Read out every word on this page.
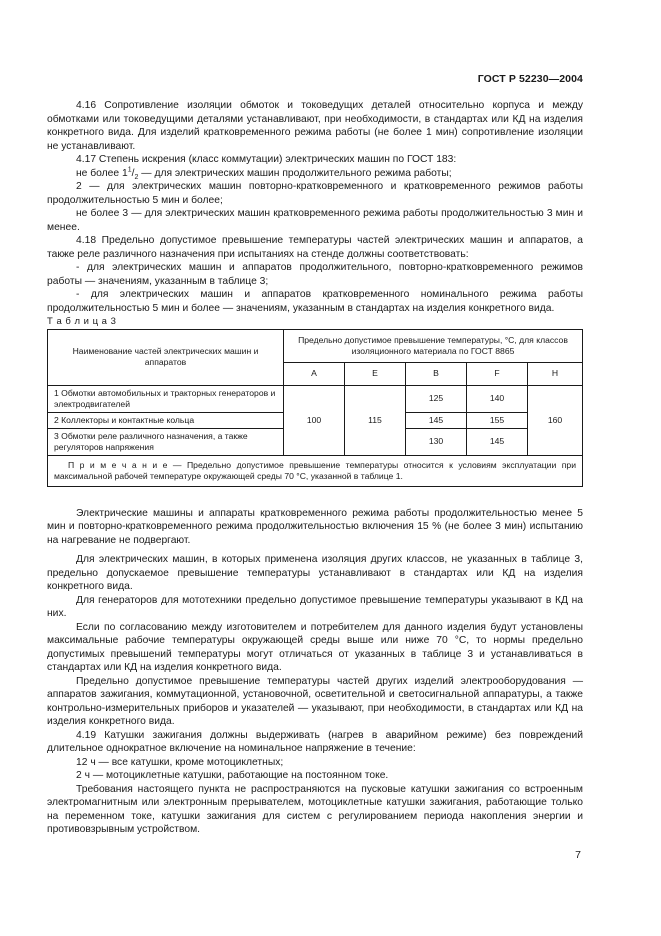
ГОСТ Р 52230—2004

4.16 Сопротивление изоляции обмоток и токоведущих деталей относительно корпуса и между обмотками или токоведущими деталями устанавливают, при необходимости, в стандартах или КД на изделия конкретного вида. Для изделий кратковременного режима работы (не более 1 мин) сопротивление изоляции не устанавливают.

4.17 Степень искрения (класс коммутации) электрических машин по ГОСТ 183:

не более $1^1/_2$ — для электрических машин продолжительного режима работы;

2 — для электрических машин повторно-кратковременного и кратковременного режимов работы продолжительностью 5 мин и более;

не более 3 — для электрических машин кратковременного режима работы продолжительностью 3 мин и менее.

4.18 Предельно допустимое превышение температуры частей электрических машин и аппаратов, а также реле различного назначения при испытаниях на стенде должны соответствовать:

- для электрических машин и аппаратов продолжительного, повторно-кратковременного режимов работы — значениям, указанным в таблице 3;

- для электрических машин и аппаратов кратковременного номинального режима работы продолжительностью 5 мин и более — значениям, указанным в стандартах на изделия конкретного вида.

Т а б л и ц а 3

Наименование частей электрических машин и аппаратов	Предельно допустимое превышение температуры, °С, для классов изоляционного материала по ГОСТ 8865				
	A	E	B	F	H
1 Обмотки автомобильных и тракторных генераторов и электродвигателей	100	115	125	140	160
2 Коллекторы и контактные кольца			145	155	
3 Обмотки реле различного назначения, а также регуляторов напряжения			130	145	
П р и м е ч а н и е — Предельно допустимое превышение температуры относится к условиям эксплуатации при максимальной рабочей температуре окружающей среды 70 °С, указанной в таблице 1.					

Электрические машины и аппараты кратковременного режима работы продолжительностью менее 5 мин и повторно-кратковременного режима продолжительностью включения 15 % (не более 3 мин) испытанию на нагревание не подвергают.

Для электрических машин, в которых применена изоляция других классов, не указанных в таблице 3, предельно допускаемое превышение температуры устанавливают в стандартах или КД на изделия конкретного вида.

Для генераторов для мототехники предельно допустимое превышение температуры указывают в КД на них.

Если по согласованию между изготовителем и потребителем для данного изделия будут установлены максимальные рабочие температуры окружающей среды выше или ниже 70 °С, то нормы предельно допустимых превышений температуры могут отличаться от указанных в таблице 3 и устанавливаться в стандартах или КД на изделия конкретного вида.

Предельно допустимое превышение температуры частей других изделий электрооборудования — аппаратов зажигания, коммутационной, установочной, осветительной и светосигнальной аппаратуры, а также контрольно-измерительных приборов и указателей — указывают, при необходимости, в стандартах или КД на изделия конкретного вида.

4.19 Катушки зажигания должны выдерживать (нагрев в аварийном режиме) без повреждений длительное однократное включение на номинальное напряжение в течение:

12 ч — все катушки, кроме мотоциклетных;

2 ч — мотоциклетные катушки, работающие на постоянном токе.

Требования настоящего пункта не распространяются на пусковые катушки зажигания со встроенным электромагнитным или электронным прерывателем, мотоциклетные катушки зажигания, работающие только на переменном токе, катушки зажигания для систем с регулированием периода накопления энергии и противовзрывным устройством.

7
